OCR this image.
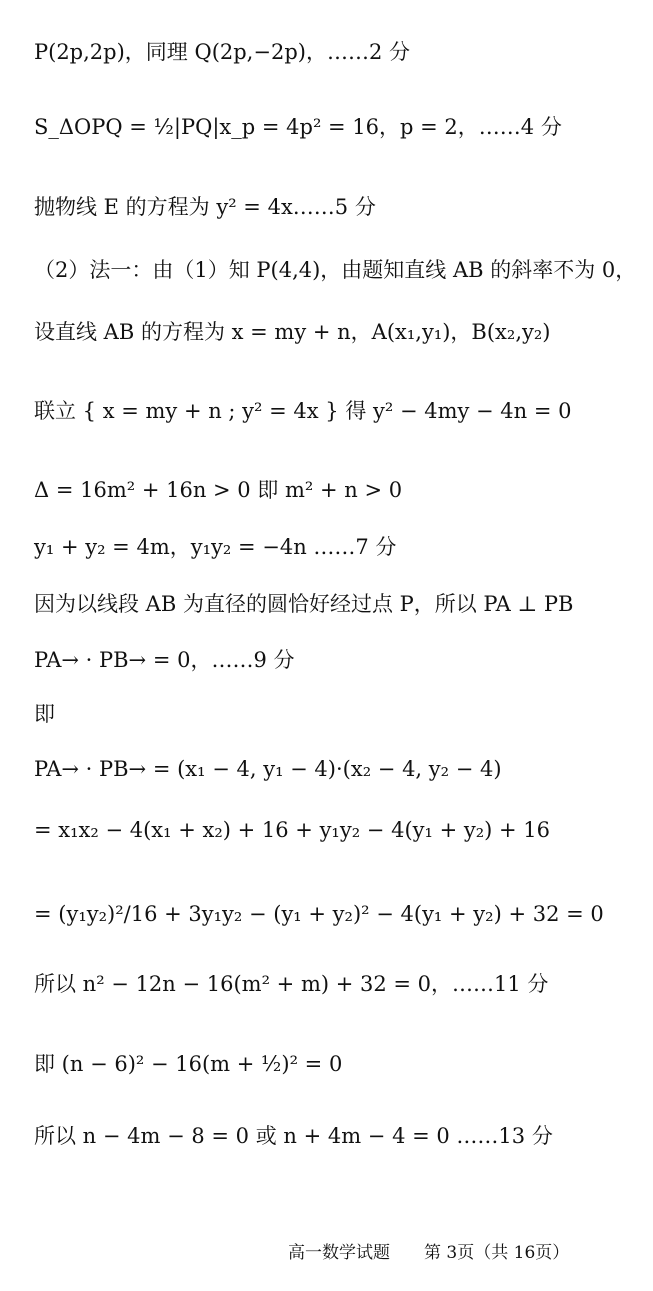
P(2p,2p)，同理 Q(2p,−2p)，……2 分
S_ΔOPQ = ½|PQ|x_p = 4p² = 16，p = 2，……4 分
抛物线 E 的方程为 y² = 4x……5 分
（2）法一：由（1）知 P(4,4)，由题知直线 AB 的斜率不为 0，
设直线 AB 的方程为 x = my + n，A(x₁,y₁)，B(x₂,y₂)
联立 { x = my + n ; y² = 4x } 得 y² − 4my − 4n = 0
Δ = 16m² + 16n > 0 即 m² + n > 0
y₁ + y₂ = 4m，y₁y₂ = −4n ……7 分
因为以线段 AB 为直径的圆恰好经过点 P，所以 PA ⊥ PB
PA→ · PB→ = 0，……9 分
即
PA→ · PB→ = (x₁ − 4, y₁ − 4)·(x₂ − 4, y₂ − 4)
= x₁x₂ − 4(x₁ + x₂) + 16 + y₁y₂ − 4(y₁ + y₂) + 16
= (y₁y₂)²/16 + 3y₁y₂ − (y₁ + y₂)² − 4(y₁ + y₂) + 32 = 0
所以 n² − 12n − 16(m² + m) + 32 = 0，……11 分
即 (n − 6)² − 16(m + ½)² = 0
所以 n − 4m − 8 = 0 或 n + 4m − 4 = 0 ……13 分
高一数学试题 第 3页（共 16页）
